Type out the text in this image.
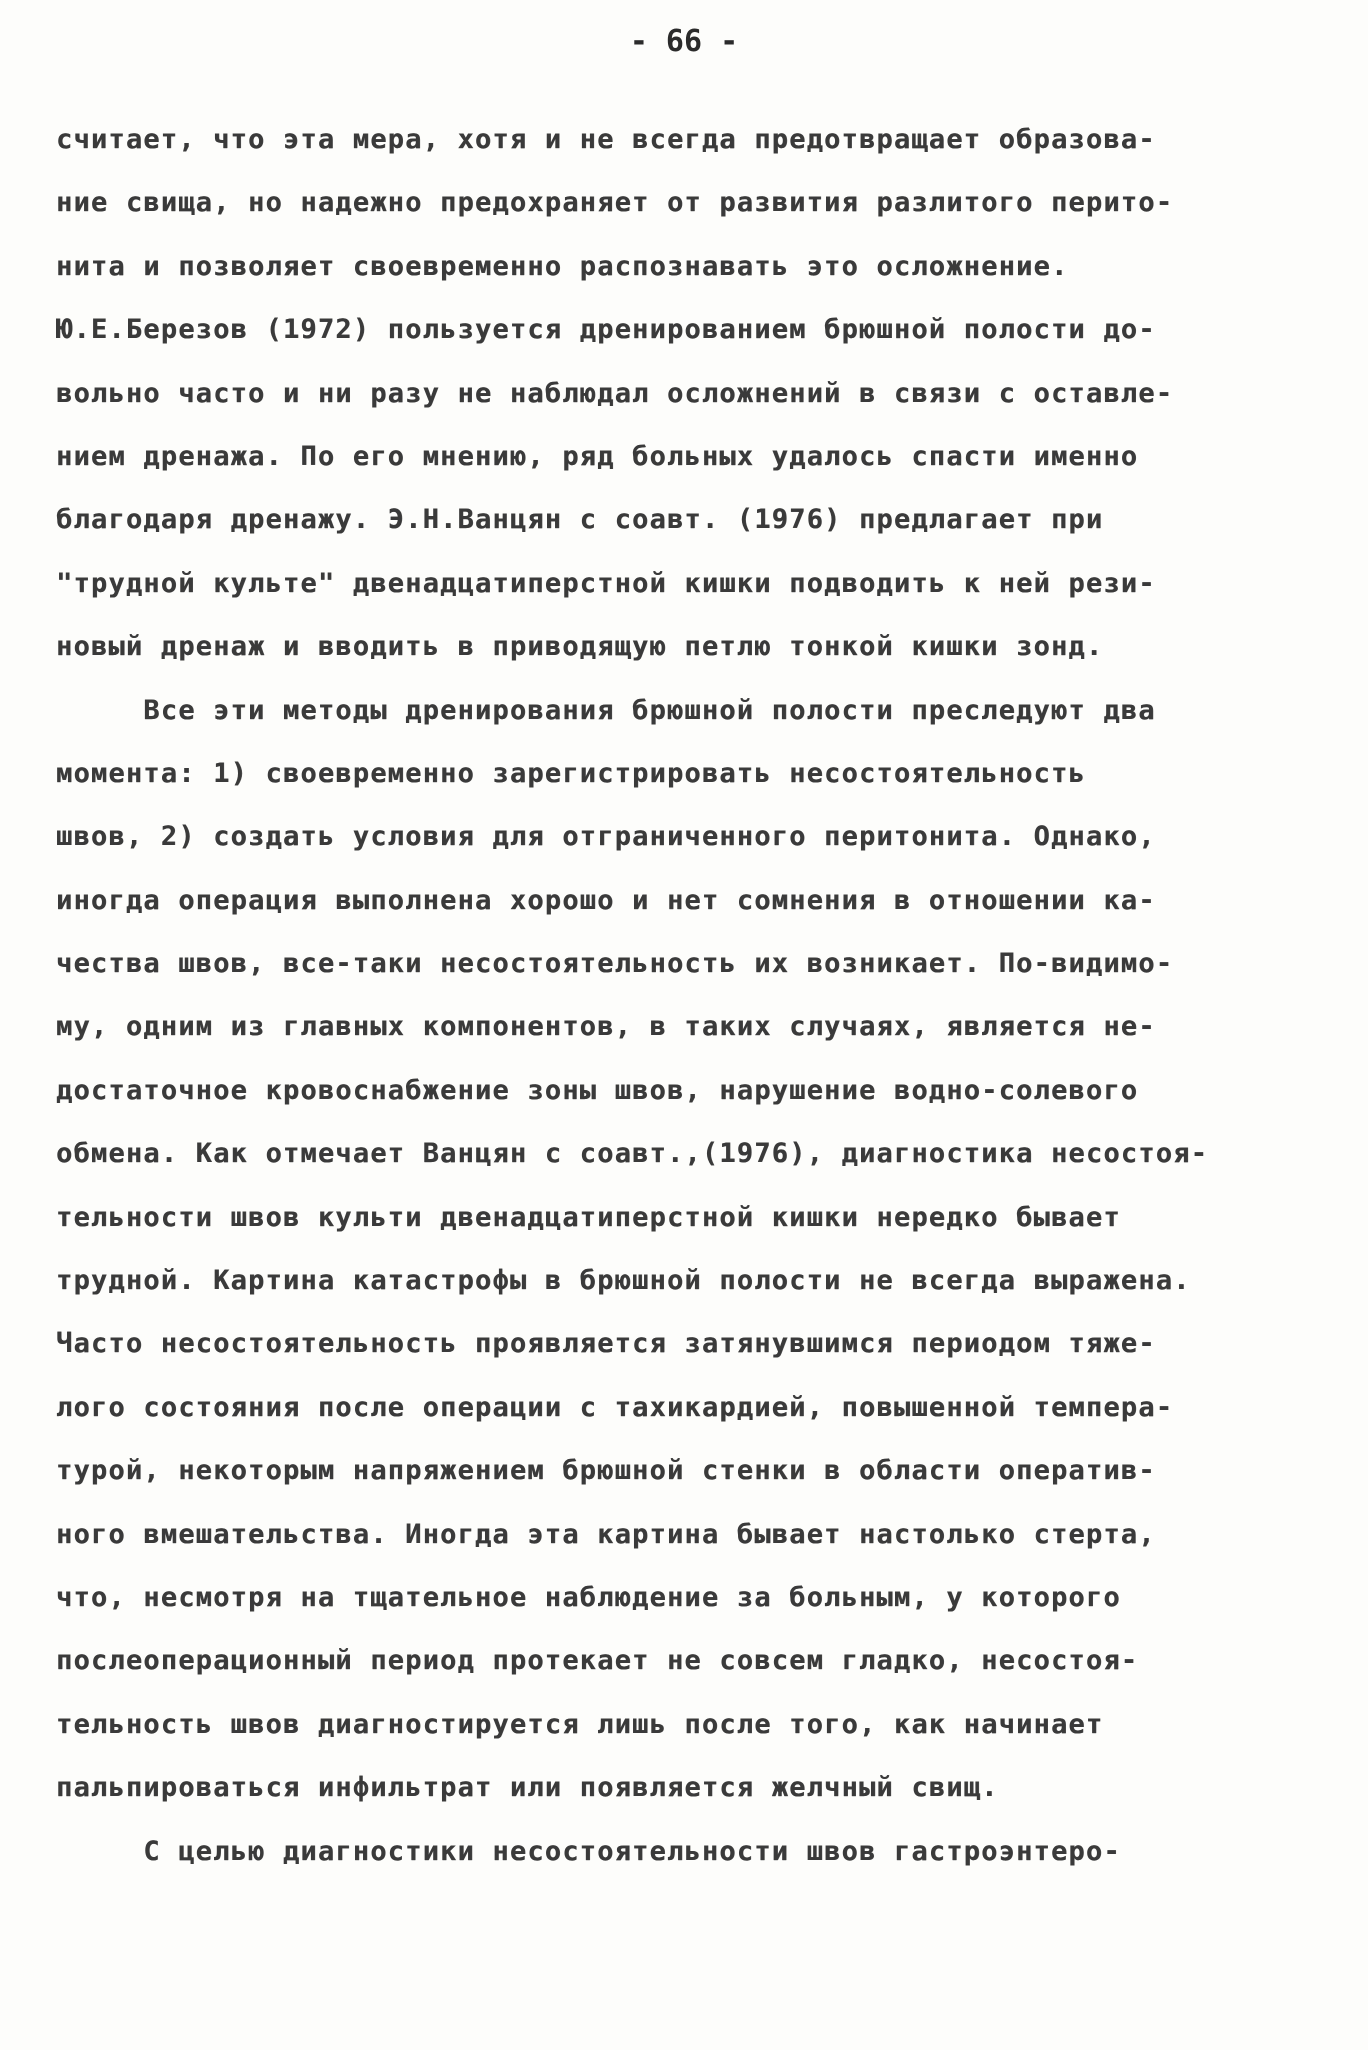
- 66 -
считает, что эта мера, хотя и не всегда предотвращает образова-
ние свища, но надежно предохраняет от развития разлитого перито-
нита и позволяет своевременно распознавать это осложнение.
Ю.Е.Березов (1972) пользуется дренированием брюшной полости до-
вольно часто и ни разу не наблюдал осложнений в связи с оставле-
нием дренажа. По его мнению, ряд больных удалось спасти именно
благодаря дренажу. Э.Н.Ванцян с соавт. (1976) предлагает при
"трудной культе" двенадцатиперстной кишки подводить к ней рези-
новый дренаж и вводить в приводящую петлю тонкой кишки зонд.
Все эти методы дренирования брюшной полости преследуют два
момента: 1) своевременно зарегистрировать несостоятельность
швов, 2) создать условия для отграниченного перитонита. Однако,
иногда операция выполнена хорошо и нет сомнения в отношении ка-
чества швов, все-таки несостоятельность их возникает. По-видимо-
му, одним из главных компонентов, в таких случаях, является не-
достаточное кровоснабжение зоны швов, нарушение водно-солевого
обмена. Как отмечает Ванцян с соавт.,(1976), диагностика несостоя-
тельности швов культи двенадцатиперстной кишки нередко бывает
трудной. Картина катастрофы в брюшной полости не всегда выражена.
Часто несостоятельность проявляется затянувшимся периодом тяже-
лого состояния после операции с тахикардией, повышенной темпера-
турой, некоторым напряжением брюшной стенки в области оператив-
ного вмешательства. Иногда эта картина бывает настолько стерта,
что, несмотря на тщательное наблюдение за больным, у которого
послеоперационный период протекает не совсем гладко, несостоя-
тельность швов диагностируется лишь после того, как начинает
пальпироваться инфильтрат или появляется желчный свищ.
С целью диагностики несостоятельности швов гастроэнтеро-
